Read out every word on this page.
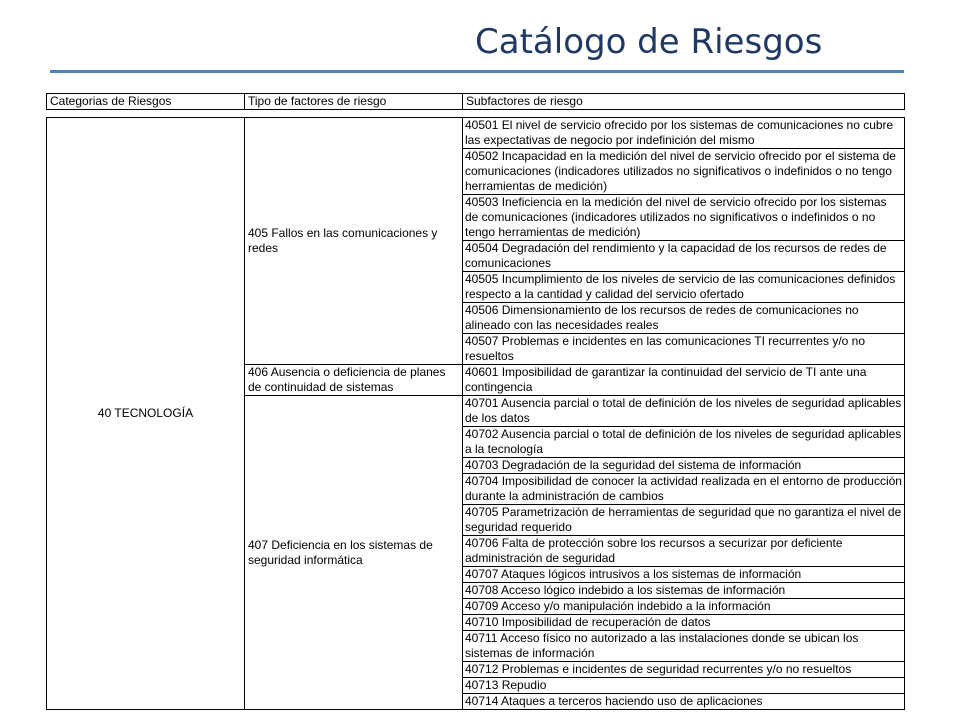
Catálogo de Riesgos
Categorias de Riesgos	Tipo de factores de riesgo	Subfactores de riesgo

40 TECNOLOGÍA	405 Fallos en las comunicaciones y redes	40501 El nivel de servicio ofrecido por los sistemas de comunicaciones no cubre las expectativas de negocio por indefinición del mismo
		40502 Incapacidad en la medición del nivel de servicio ofrecido por el sistema de comunicaciones (indicadores utilizados no significativos o indefinidos o no tengo herramientas de medición)
		40503 Ineficiencia en la medición del nivel de servicio ofrecido por los sistemas de comunicaciones (indicadores utilizados no significativos o indefinidos o no tengo herramientas de medición)
		40504 Degradación del rendimiento y la capacidad de los recursos de redes de comunicaciones
		40505 Incumplimiento de los niveles de servicio de las comunicaciones definidos respecto a la cantidad y calidad del servicio ofertado
		40506 Dimensionamiento de los recursos de redes de comunicaciones no alineado con las necesidades reales
		40507 Problemas e incidentes en las comunicaciones TI recurrentes y/o no resueltos
	406 Ausencia o deficiencia de planes de continuidad de sistemas	40601 Imposibilidad de garantizar la continuidad del servicio de TI ante una contingencia
	407 Deficiencia en los sistemas de seguridad informática	40701 Ausencia parcial o total de definición de los niveles de seguridad aplicables de los datos
		40702 Ausencia parcial o total de definición de los niveles de seguridad aplicables a la tecnología
		40703 Degradación de la seguridad del sistema de información
		40704 Imposibilidad de conocer la actividad realizada en el entorno de producción durante la administración de cambios
		40705 Parametrización de herramientas de seguridad que no garantiza el nivel de seguridad requerido
		40706 Falta de protección sobre los recursos a securizar por deficiente administración de seguridad
		40707 Ataques lógicos intrusivos a los sistemas de información
		40708 Acceso lógico indebido a los sistemas de información
		40709 Acceso y/o manipulación indebido a la información
		40710 Imposibilidad de recuperación de datos
		40711 Acceso físico no autorizado a las instalaciones donde se ubican los sistemas de información
		40712 Problemas e incidentes de seguridad recurrentes y/o no resueltos
		40713 Repudio
		40714 Ataques a terceros haciendo uso de aplicaciones
